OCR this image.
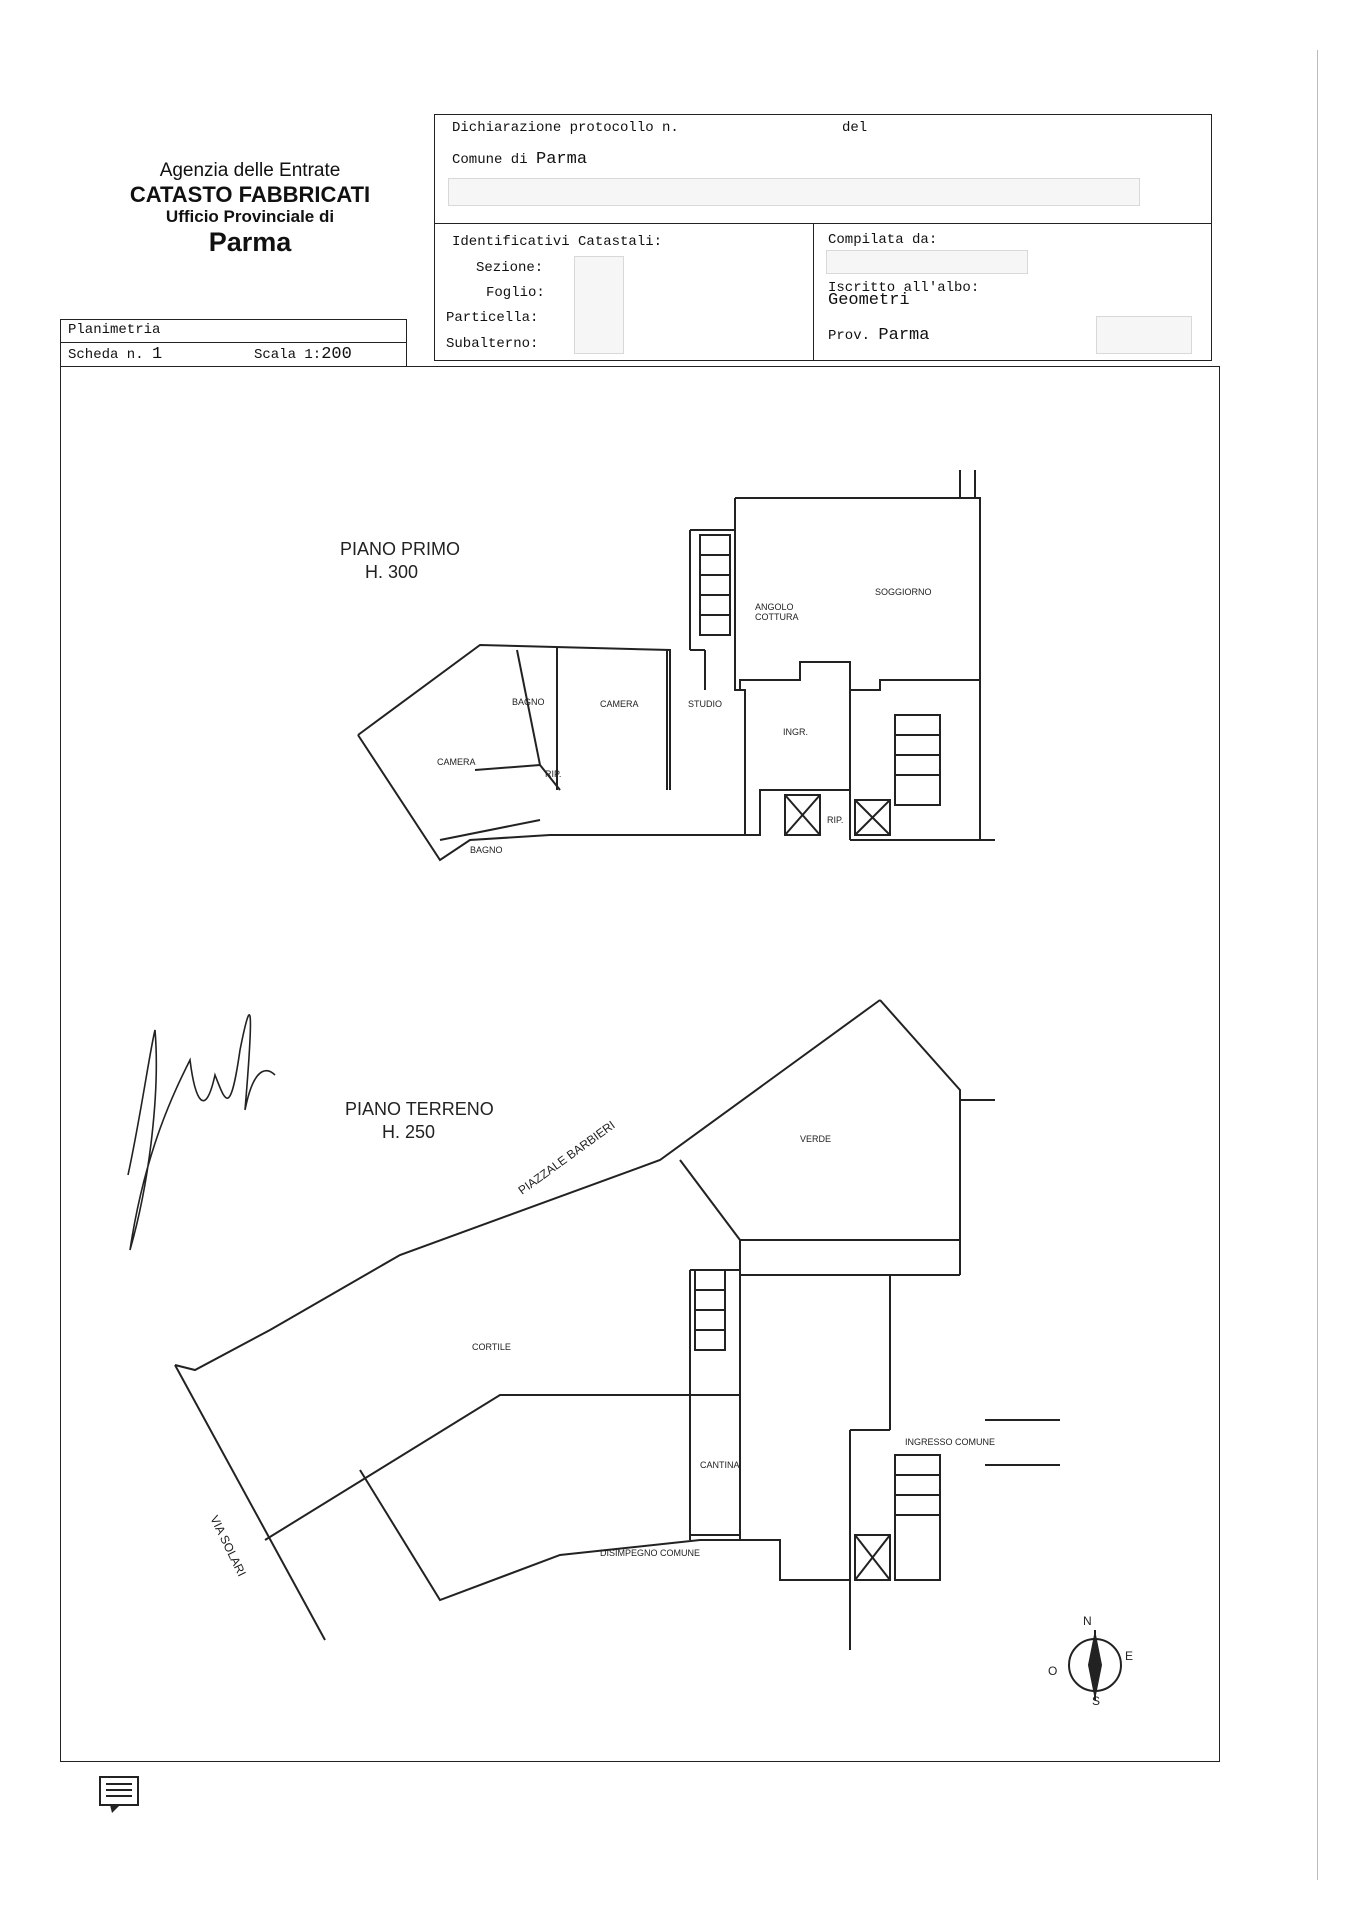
Agenzia delle Entrate
CATASTO FABBRICATI
Ufficio Provinciale di
Parma
Dichiarazione protocollo n.	del
Comune di Parma
Identificativi Catastali:
Sezione:
Foglio:
Particella:
Subalterno:
Compilata da:
Iscritto all'albo:
Geometri
Prov. Parma
Planimetria
Scheda n. 1	Scala 1:200
PIANO PRIMO
H. 300
ANGOLO
COTTURA
SOGGIORNO
BAGNO	CAMERA	STUDIO
CAMERA
INGR.
RIP.
RIP.
BAGNO
PIANO TERRENO
H. 250	VERDE
PIAZZALE BARBIERI
CORTILE
CANTINA
INGRESSO COMUNE
DISIMPEGNO COMUNE
VIA SOLARI
N
E
S
O
